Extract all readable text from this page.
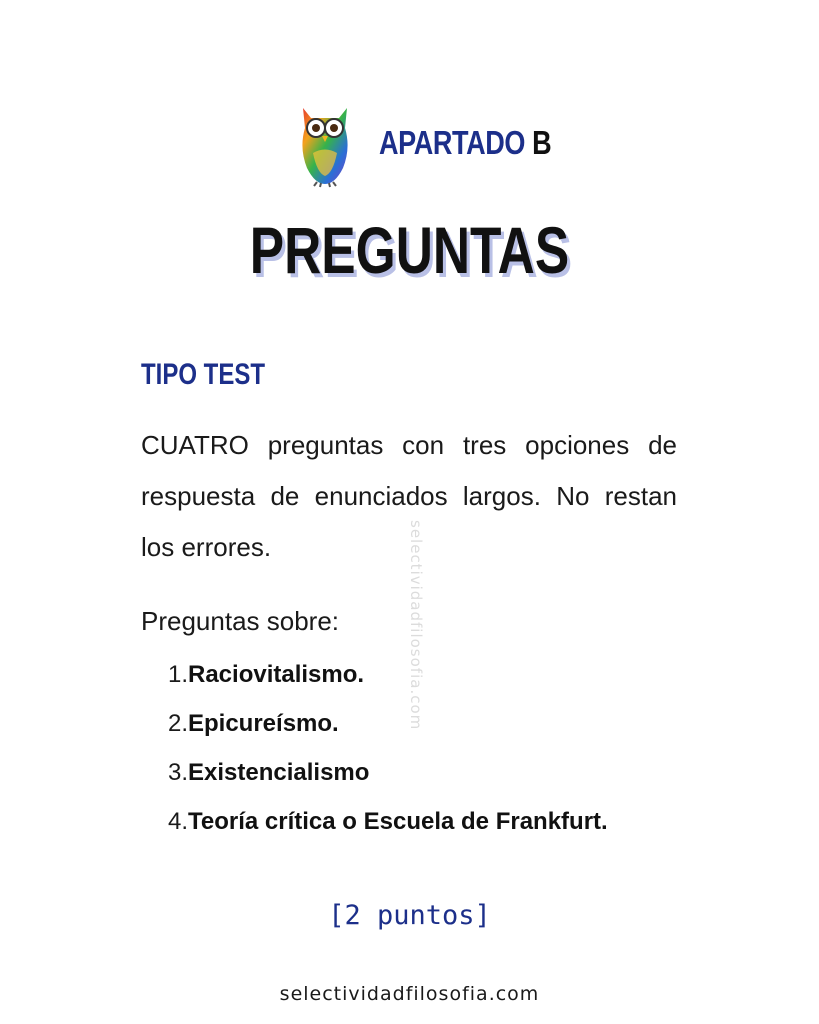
APARTADO B
PREGUNTAS
TIPO TEST
CUATRO preguntas con tres opciones de respuesta de enunciados largos. No restan los errores.
Preguntas sobre:
1. Raciovitalismo.
2. Epicureísmo.
3. Existencialismo
4. Teoría crítica o Escuela de Frankfurt.
selectividadfilosofia.com
[2 puntos]
selectividadfilosofia.com
